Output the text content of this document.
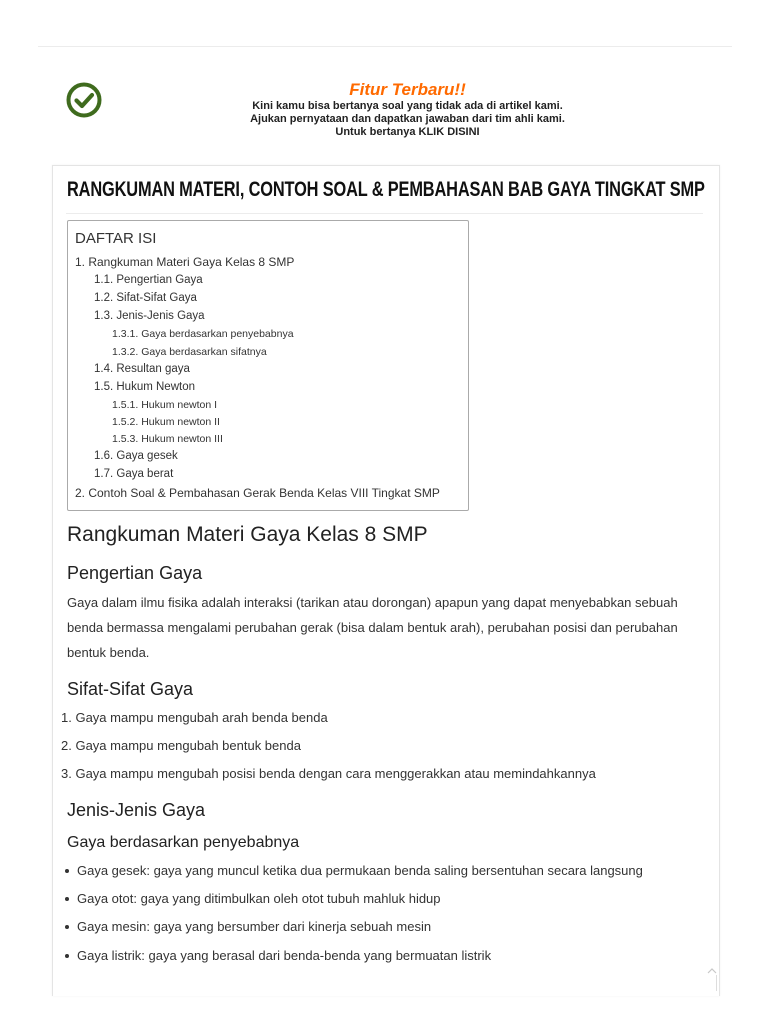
Fitur Terbaru!!
Kini kamu bisa bertanya soal yang tidak ada di artikel kami.
Ajukan pernyataan dan dapatkan jawaban dari tim ahli kami.
Untuk bertanya KLIK DISINI
RANGKUMAN MATERI, CONTOH SOAL & PEMBAHASAN BAB GAYA TINGKAT SMP
DAFTAR ISI
1. Rangkuman Materi Gaya Kelas 8 SMP
1.1. Pengertian Gaya
1.2. Sifat-Sifat Gaya
1.3. Jenis-Jenis Gaya
1.3.1. Gaya berdasarkan penyebabnya
1.3.2. Gaya berdasarkan sifatnya
1.4. Resultan gaya
1.5. Hukum Newton
1.5.1. Hukum newton I
1.5.2. Hukum newton II
1.5.3. Hukum newton III
1.6. Gaya gesek
1.7. Gaya berat
2. Contoh Soal & Pembahasan Gerak Benda Kelas VIII Tingkat SMP
Rangkuman Materi Gaya Kelas 8 SMP
Pengertian Gaya

Gaya dalam ilmu fisika adalah interaksi (tarikan atau dorongan) apapun yang dapat menyebabkan sebuah benda bermassa mengalami perubahan gerak (bisa dalam bentuk arah), perubahan posisi dan perubahan bentuk benda.

Sifat-Sifat Gaya
1. Gaya mampu mengubah arah benda benda
2. Gaya mampu mengubah bentuk benda
3. Gaya mampu mengubah posisi benda dengan cara menggerakkan atau memindahkannya
Jenis-Jenis Gaya
Gaya berdasarkan penyebabnya
Gaya gesek: gaya yang muncul ketika dua permukaan benda saling bersentuhan secara langsung
Gaya otot: gaya yang ditimbulkan oleh otot tubuh mahluk hidup
Gaya mesin: gaya yang bersumber dari kinerja sebuah mesin
Gaya listrik: gaya yang berasal dari benda-benda yang bermuatan listrik
